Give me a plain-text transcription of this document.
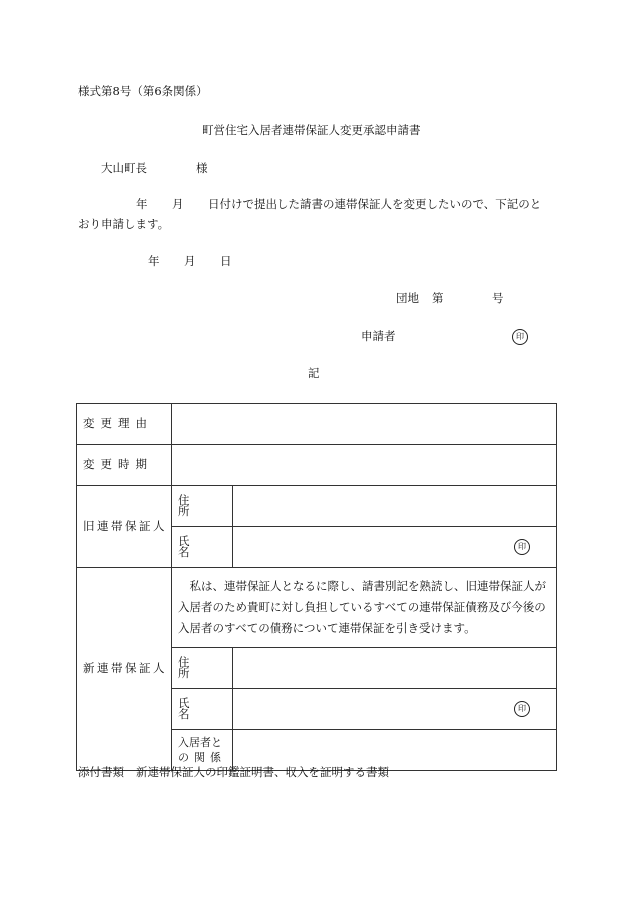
様式第8号（第6条関係）
町営住宅入居者連帯保証人変更承認申請書
大山町長	様
年 月 日付けで提出した請書の連帯保証人を変更したいので、下記のと
おり申請します。
年 月 日
団地 第	号
申請者	印
記
変更理由		
変更時期		
旧連帯保証人	住所	
	氏名	印

新連帯保証人	　私は、連帯保証人となるに際し、請書別記を熟読し、旧連帯保証人が入居者のため貴町に対し負担しているすべての連帯保証債務及び今後の入居者のすべての債務について連帯保証を引き受けます。	
	住所	
	氏名	印

	入居者と
の関係	

添付書類 新連帯保証人の印鑑証明書、収入を証明する書類
